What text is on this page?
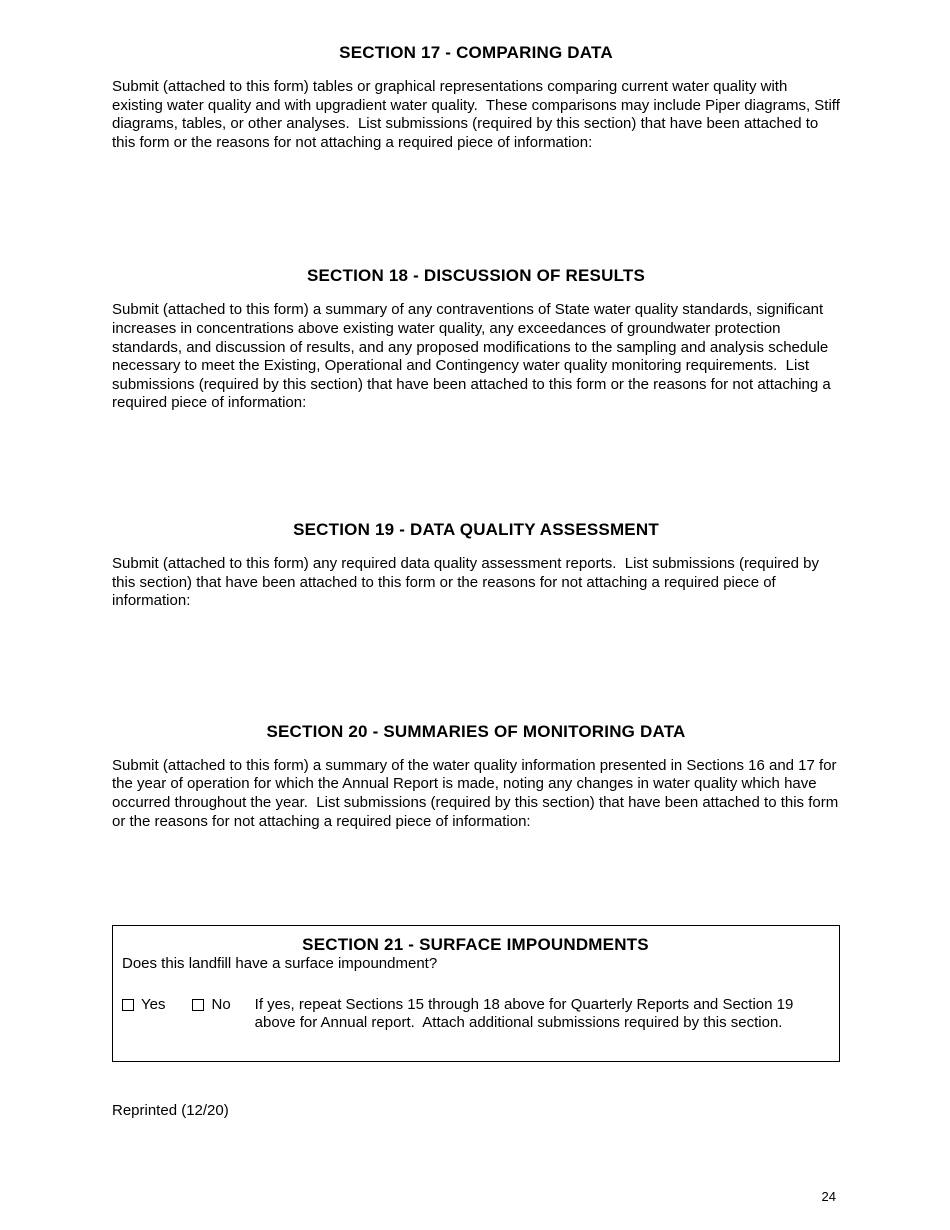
SECTION 17 - COMPARING DATA

Submit (attached to this form) tables or graphical representations comparing current water quality with existing water quality and with upgradient water quality.  These comparisons may include Piper diagrams, Stiff diagrams, tables, or other analyses.  List submissions (required by this section) that have been attached to this form or the reasons for not attaching a required piece of information:

SECTION 18 - DISCUSSION OF RESULTS

Submit (attached to this form) a summary of any contraventions of State water quality standards, significant increases in concentrations above existing water quality, any exceedances of groundwater protection standards, and discussion of results, and any proposed modifications to the sampling and analysis schedule necessary to meet the Existing, Operational and Contingency water quality monitoring requirements.  List submissions (required by this section) that have been attached to this form or the reasons for not attaching a required piece of information:

SECTION 19 - DATA QUALITY ASSESSMENT

Submit (attached to this form) any required data quality assessment reports.  List submissions (required by this section) that have been attached to this form or the reasons for not attaching a required piece of information:

SECTION 20 - SUMMARIES OF MONITORING DATA

Submit (attached to this form) a summary of the water quality information presented in Sections 16 and 17 for the year of operation for which the Annual Report is made, noting any changes in water quality which have occurred throughout the year.  List submissions (required by this section) that have been attached to this form or the reasons for not attaching a required piece of information:

SECTION 21 - SURFACE IMPOUNDMENTS

Does this landfill have a surface impoundment?

Yes	No If yes, repeat Sections 15 through 18 above for Quarterly Reports and Section 19 above for Annual report.  Attach additional submissions required by this section.

Reprinted (12/20)

24
